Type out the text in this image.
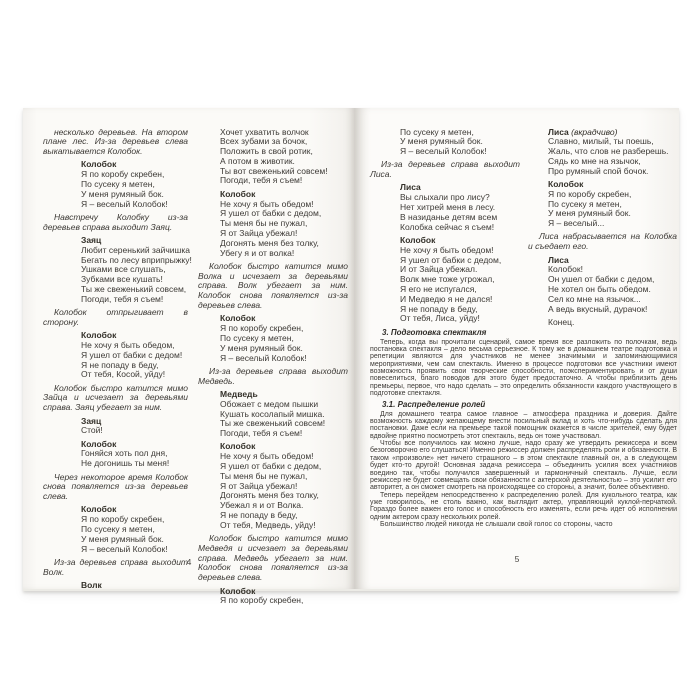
несколько деревьев. На втором плане лес. Из-за деревьев слева выкатывается Колобок.

Колобок

Я по коробу скребен,

По сусеку я метен,

У меня румяный бок.

Я – веселый Колобок!

Навстречу Колобку из-за деревьев справа выходит Заяц.

Заяц

Любит серенький зайчишка

Бегать по лесу вприпрыжку!

Ушками все слушать,

Зубками все кушать!

Ты же свеженький совсем,

Погоди, тебя я съем!

Колобок отпрыгивает в сторону.

Колобок

Не хочу я быть обедом,

Я ушел от бабки с дедом!

Я не попаду в беду,

От тебя, Косой, уйду!

Колобок быстро катится мимо Зайца и исчезает за деревьями справа. Заяц убегает за ним.

Заяц

Стой!

Колобок

Гоняйся хоть пол дня,

Не догонишь ты меня!

Через некоторое время Колобок снова появляется из-за деревьев слева.

Колобок

Я по коробу скребен,

По сусеку я метен,

У меня румяный бок.

Я – веселый Колобок!

Из-за деревьев справа выходит Волк.

Волк

Хочет ухватить волчок

Всех зубами за бочок,

Положить в свой ротик,

А потом в животик.

Ты вот свеженький совсем!

Погоди, тебя я съем!

Колобок

Не хочу я быть обедом!

Я ушел от бабки с дедом,

Ты меня бы не пужал,

Я от Зайца убежал!

Догонять меня без толку,

Убегу я и от волка!

Колобок быстро катится мимо Волка и исчезает за деревьями справа. Волк убегает за ним. Колобок снова появляется из-за деревьев слева.

Колобок

Я по коробу скребен,

По сусеку я метен,

У меня румяный бок.

Я – веселый Колобок!

Из-за деревьев справа выходит Медведь.

Медведь

Обожает с медом пышки

Кушать косолапый мишка.

Ты же свеженький совсем!

Погоди, тебя я съем!

Колобок

Не хочу я быть обедом!

Я ушел от бабки с дедом,

Ты меня бы не пужал,

Я от Зайца убежал!

Догонять меня без толку,

Убежал я и от Волка.

Я не попаду в беду,

От тебя, Медведь, уйду!

Колобок быстро катится мимо Медведя и исчезает за деревьями справа. Медведь убегает за ним. Колобок снова появляется из-за деревьев слева.

Колобок

Я по коробу скребен,

4

По сусеку я метен,

У меня румяный бок.

Я – веселый Колобок!

Из-за деревьев справа выходит Лиса.

Лиса

Вы слыхали про лису?

Нет хитрей меня в лесу.

В назиданье детям всем

Колобка сейчас я съем!

Колобок

Не хочу я быть обедом!

Я ушел от бабки с дедом,

И от Зайца убежал.

Волк мне тоже угрожал,

Я его не испугался,

И Медведю я не дался!

Я не попаду в беду,

От тебя, Лиса, уйду!

Лиса (вкрадчиво)

Славно, милый, ты поешь,

Жаль, что слов не разберешь.

Сядь ко мне на язычок,

Про румяный спой бочок.

Колобок

Я по коробу скребен,

По сусеку я метен,

У меня румяный бок.

Я – веселый...

Лиса набрасывается на Колобка и съедает его.

Лиса

Колобок!

Он ушел от бабки с дедом,

Не хотел он быть обедом.

Сел ко мне на язычок...

А ведь вкусный, дурачок!

Конец.

3. Подготовка спектакля

Теперь, когда вы прочитали сценарий, самое время все разложить по полочкам, ведь постановка спектакля – дело весьма серьезное. К тому же в домашнем театре подготовка и репетиции являются для участников не менее значимыми и запоминающимися мероприятиями, чем сам спектакль. Именно в процессе подготовки все участники имеют возможность проявить свои творческие способности, поэкспериментировать и от души повеселиться, благо поводов для этого будет предостаточно. А чтобы приблизить день премьеры, первое, что надо сделать – это определить обязанности каждого участвующего в подготовке спектакля.

3.1. Распределение ролей

Для домашнего театра самое главное – атмосфера праздника и доверия. Дайте возможность каждому желающему внести посильный вклад и хоть что-нибудь сделать для постановки. Даже если на премьере такой помощник окажется в числе зрителей, ему будет вдвойне приятно посмотреть этот спектакль, ведь он тоже участвовал.

Чтобы все получилось как можно лучше, надо сразу же утвердить режиссера и всем безоговорочно его слушаться! Именно режиссер должен распределять роли и обязанности. В таком «произволе» нет ничего страшного – в этом спектакле главный он, а в следующем будет кто-то другой! Основная задача режиссера – объединить усилия всех участников воедино так, чтобы получился завершенный и гармоничный спектакль. Лучше, если режиссер не будет совмещать свои обязанности с актерской деятельностью – это усилит его авторитет, а он сможет смотреть на происходящее со стороны, а значит, более объективно.

Теперь перейдем непосредственно к распределению ролей. Для кукольного театра, как уже говорилось, не столь важно, как выглядит актер, управляющий куклой-перчаткой. Гораздо более важен его голос и способность его изменять, если речь идет об исполнении одним актером сразу нескольких ролей.

Большинство людей никогда не слышали свой голос со стороны, часто

5
